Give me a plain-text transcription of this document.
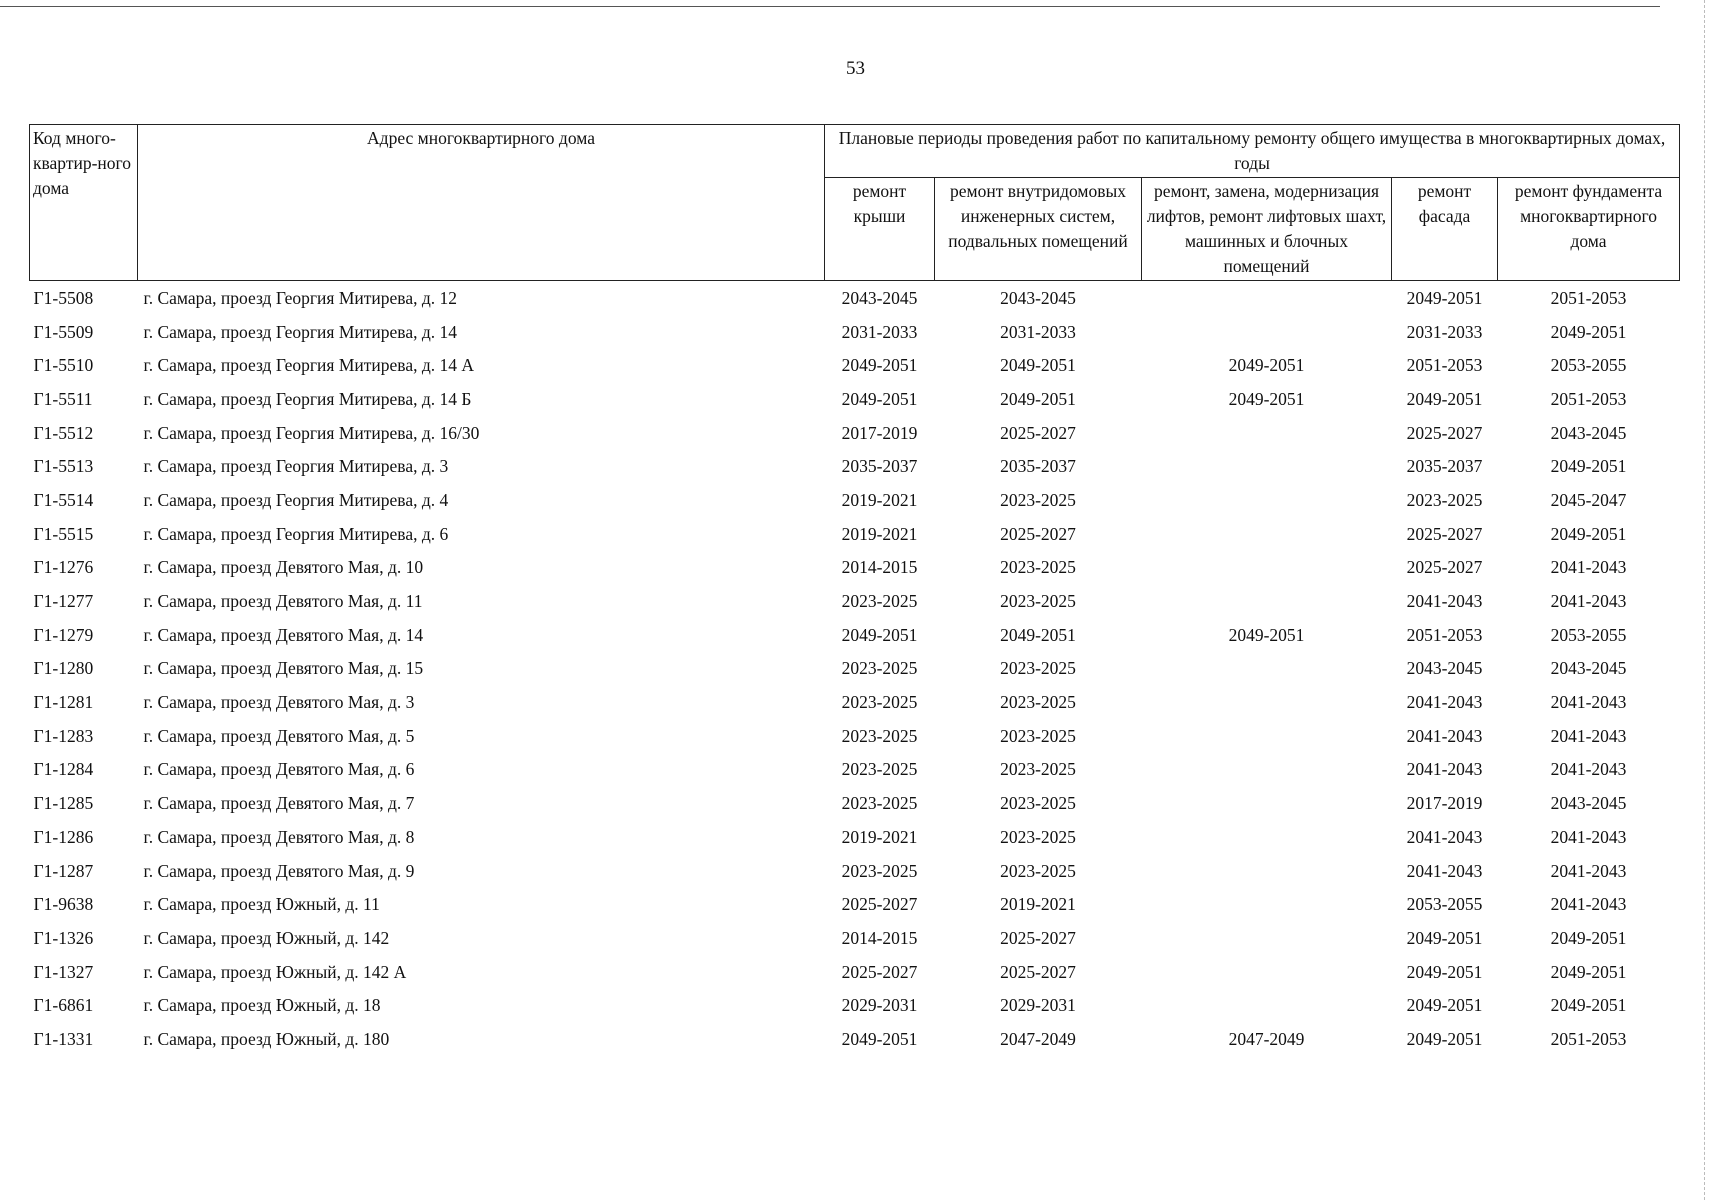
53
Код много-квартир-ного дома	Адрес многоквартирного дома	Плановые периоды проведения работ по капитальному ремонту общего имущества в многоквартирных домах, годы				
		ремонт крыши	ремонт внутридомовых инженерных систем, подвальных помещений	ремонт, замена, модернизация лифтов, ремонт лифтовых шахт, машинных и блочных помещений	ремонт фасада	ремонт фундамента многоквартирного дома
Г1-5508	г. Самара, проезд Георгия Митирева, д. 12	2043-2045	2043-2045		2049-2051	2051-2053
Г1-5509	г. Самара, проезд Георгия Митирева, д. 14	2031-2033	2031-2033		2031-2033	2049-2051
Г1-5510	г. Самара, проезд Георгия Митирева, д. 14 А	2049-2051	2049-2051	2049-2051	2051-2053	2053-2055
Г1-5511	г. Самара, проезд Георгия Митирева, д. 14 Б	2049-2051	2049-2051	2049-2051	2049-2051	2051-2053
Г1-5512	г. Самара, проезд Георгия Митирева, д. 16/30	2017-2019	2025-2027		2025-2027	2043-2045
Г1-5513	г. Самара, проезд Георгия Митирева, д. 3	2035-2037	2035-2037		2035-2037	2049-2051
Г1-5514	г. Самара, проезд Георгия Митирева, д. 4	2019-2021	2023-2025		2023-2025	2045-2047
Г1-5515	г. Самара, проезд Георгия Митирева, д. 6	2019-2021	2025-2027		2025-2027	2049-2051
Г1-1276	г. Самара, проезд Девятого Мая, д. 10	2014-2015	2023-2025		2025-2027	2041-2043
Г1-1277	г. Самара, проезд Девятого Мая, д. 11	2023-2025	2023-2025		2041-2043	2041-2043
Г1-1279	г. Самара, проезд Девятого Мая, д. 14	2049-2051	2049-2051	2049-2051	2051-2053	2053-2055
Г1-1280	г. Самара, проезд Девятого Мая, д. 15	2023-2025	2023-2025		2043-2045	2043-2045
Г1-1281	г. Самара, проезд Девятого Мая, д. 3	2023-2025	2023-2025		2041-2043	2041-2043
Г1-1283	г. Самара, проезд Девятого Мая, д. 5	2023-2025	2023-2025		2041-2043	2041-2043
Г1-1284	г. Самара, проезд Девятого Мая, д. 6	2023-2025	2023-2025		2041-2043	2041-2043
Г1-1285	г. Самара, проезд Девятого Мая, д. 7	2023-2025	2023-2025		2017-2019	2043-2045
Г1-1286	г. Самара, проезд Девятого Мая, д. 8	2019-2021	2023-2025		2041-2043	2041-2043
Г1-1287	г. Самара, проезд Девятого Мая, д. 9	2023-2025	2023-2025		2041-2043	2041-2043
Г1-9638	г. Самара, проезд Южный, д. 11	2025-2027	2019-2021		2053-2055	2041-2043
Г1-1326	г. Самара, проезд Южный, д. 142	2014-2015	2025-2027		2049-2051	2049-2051
Г1-1327	г. Самара, проезд Южный, д. 142 А	2025-2027	2025-2027		2049-2051	2049-2051
Г1-6861	г. Самара, проезд Южный, д. 18	2029-2031	2029-2031		2049-2051	2049-2051
Г1-1331	г. Самара, проезд Южный, д. 180	2049-2051	2047-2049	2047-2049	2049-2051	2051-2053
